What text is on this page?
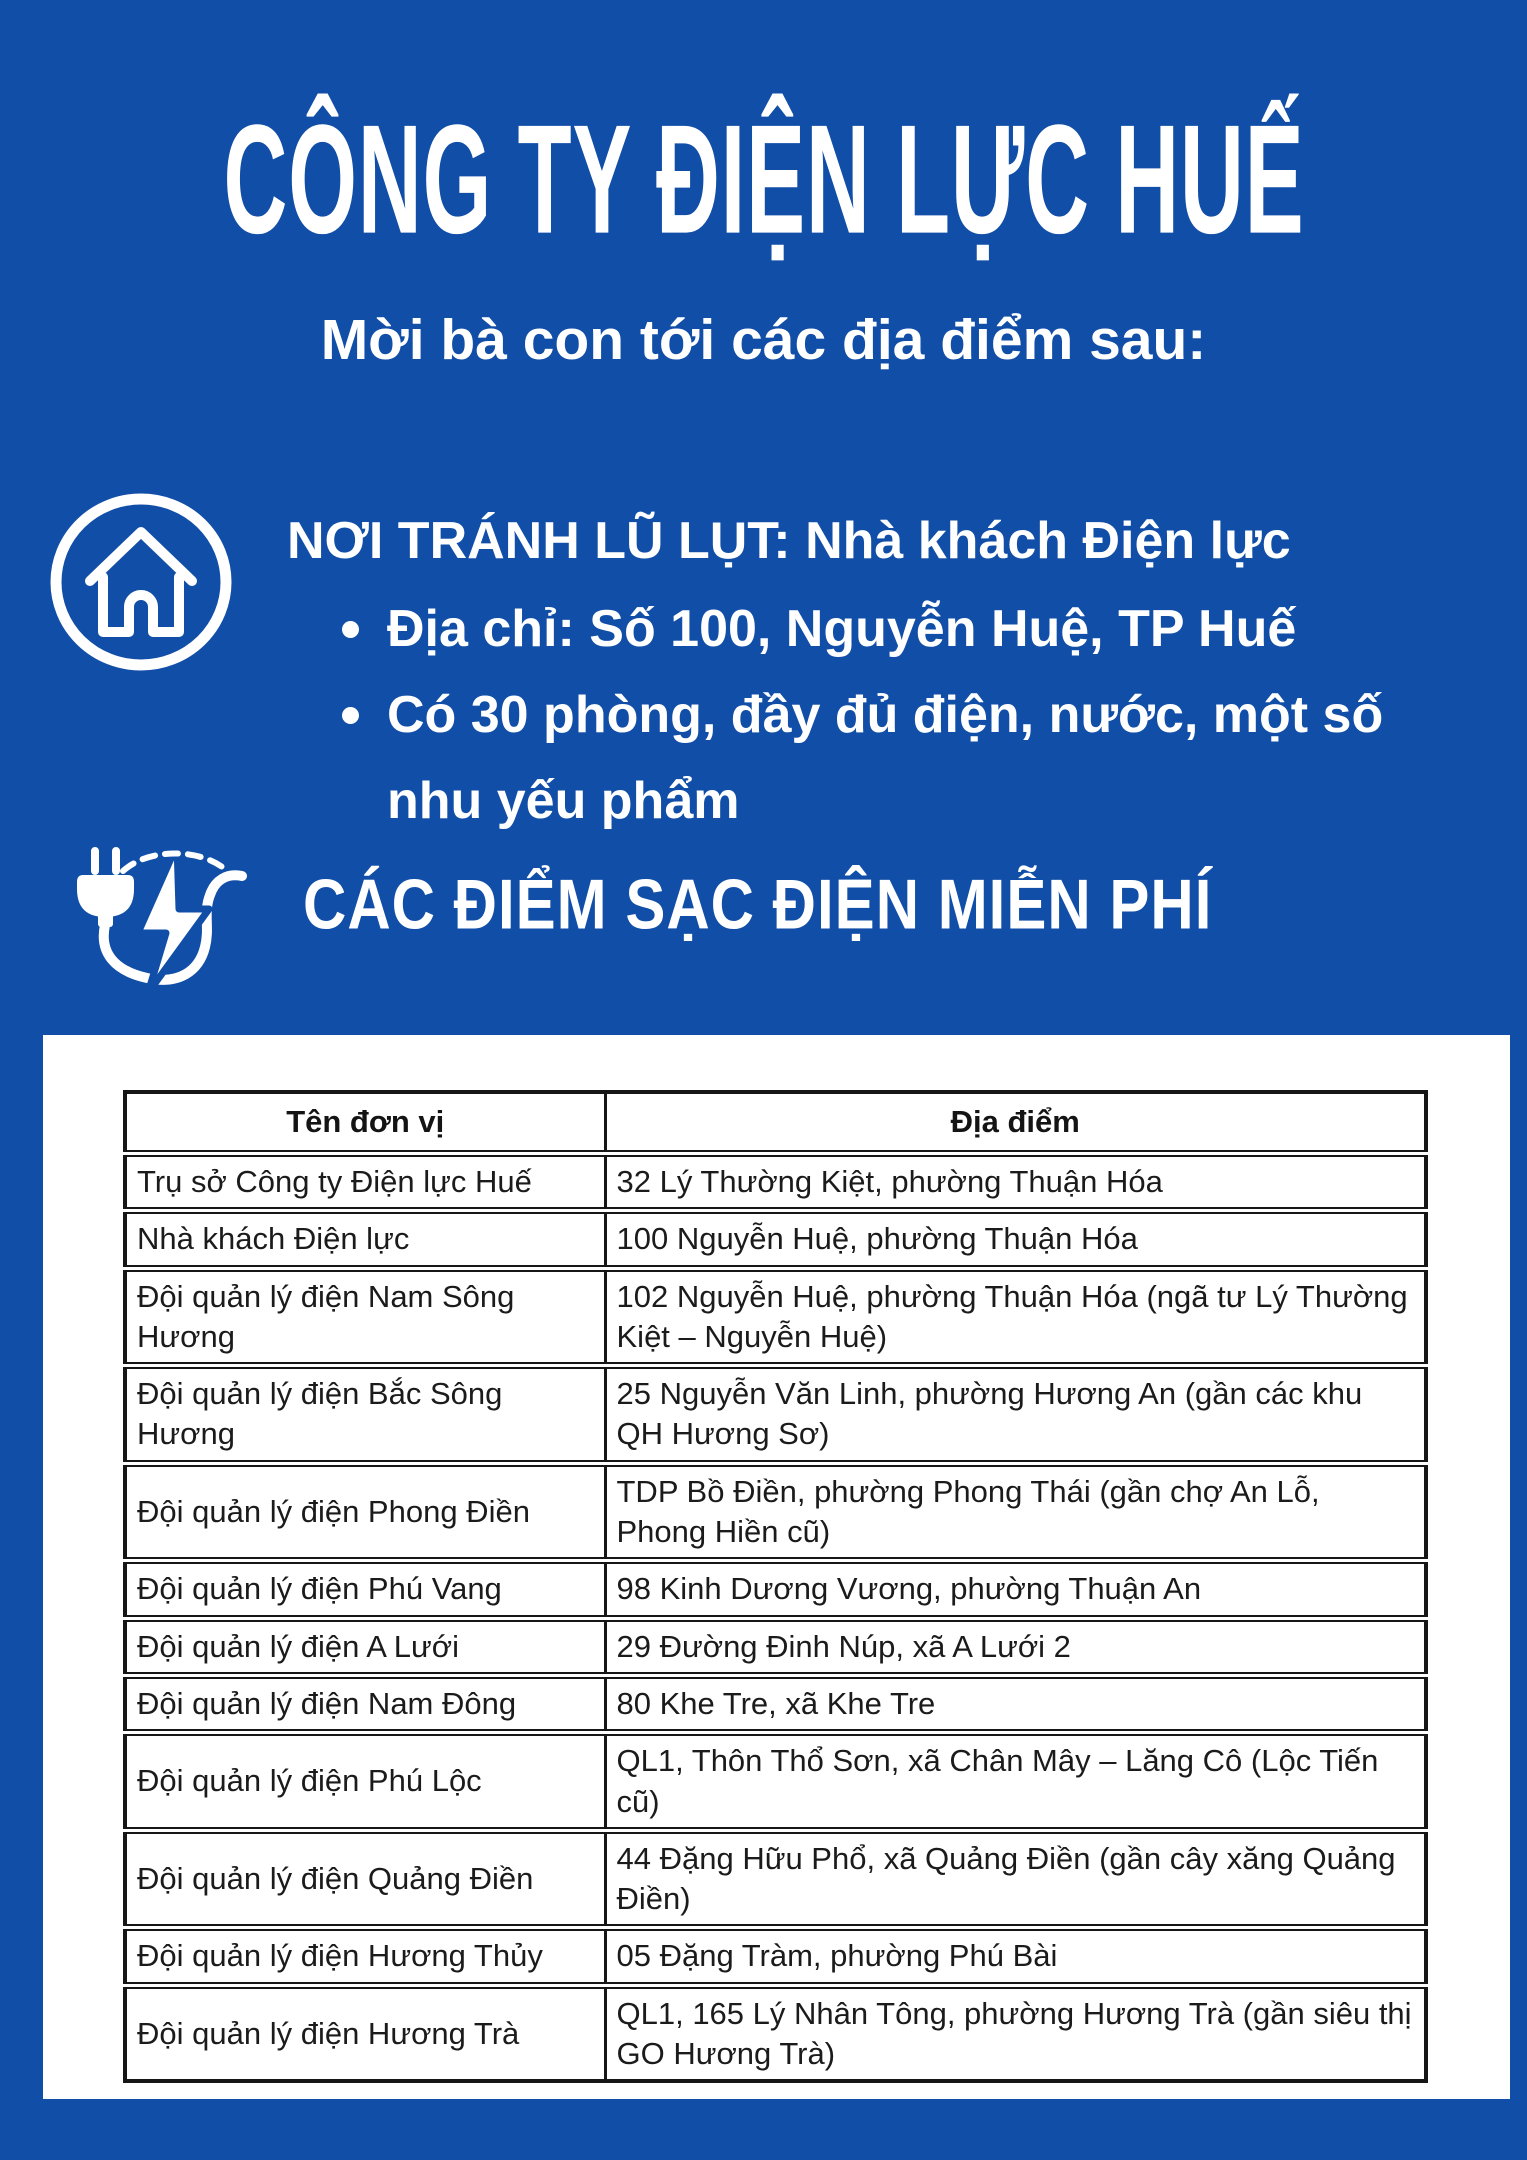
CÔNG TY ĐIỆN LỰC HUẾ
Mời bà con tới các địa điểm sau:
NƠI TRÁNH LŨ LỤT: Nhà khách Điện lực
Địa chỉ: Số 100, Nguyễn Huệ, TP Huế
Có 30 phòng, đầy đủ điện, nước, một số nhu yếu phẩm
CÁC ĐIỂM SẠC ĐIỆN MIỄN PHÍ
Tên đơn vị	Địa điểm
Trụ sở Công ty Điện lực Huế	32 Lý Thường Kiệt, phường Thuận Hóa
Nhà khách Điện lực	100 Nguyễn Huệ, phường Thuận Hóa
Đội quản lý điện Nam Sông Hương	102 Nguyễn Huệ, phường Thuận Hóa (ngã tư Lý Thường Kiệt – Nguyễn Huệ)
Đội quản lý điện Bắc Sông Hương	25 Nguyễn Văn Linh, phường Hương An (gần các khu QH Hương Sơ)
Đội quản lý điện Phong Điền	TDP Bồ Điền, phường Phong Thái (gần chợ An Lỗ, Phong Hiền cũ)
Đội quản lý điện Phú Vang	98 Kinh Dương Vương, phường Thuận An
Đội quản lý điện A Lưới	29 Đường Đinh Núp, xã A Lưới 2
Đội quản lý điện Nam Đông	80 Khe Tre, xã Khe Tre
Đội quản lý điện Phú Lộc	QL1, Thôn Thổ Sơn, xã Chân Mây – Lăng Cô (Lộc Tiến cũ)
Đội quản lý điện Quảng Điền	44 Đặng Hữu Phổ, xã Quảng Điền (gần cây xăng Quảng Điền)
Đội quản lý điện Hương Thủy	05 Đặng Tràm, phường Phú Bài
Đội quản lý điện Hương Trà	QL1, 165 Lý Nhân Tông, phường Hương Trà (gần siêu thị GO Hương Trà)
